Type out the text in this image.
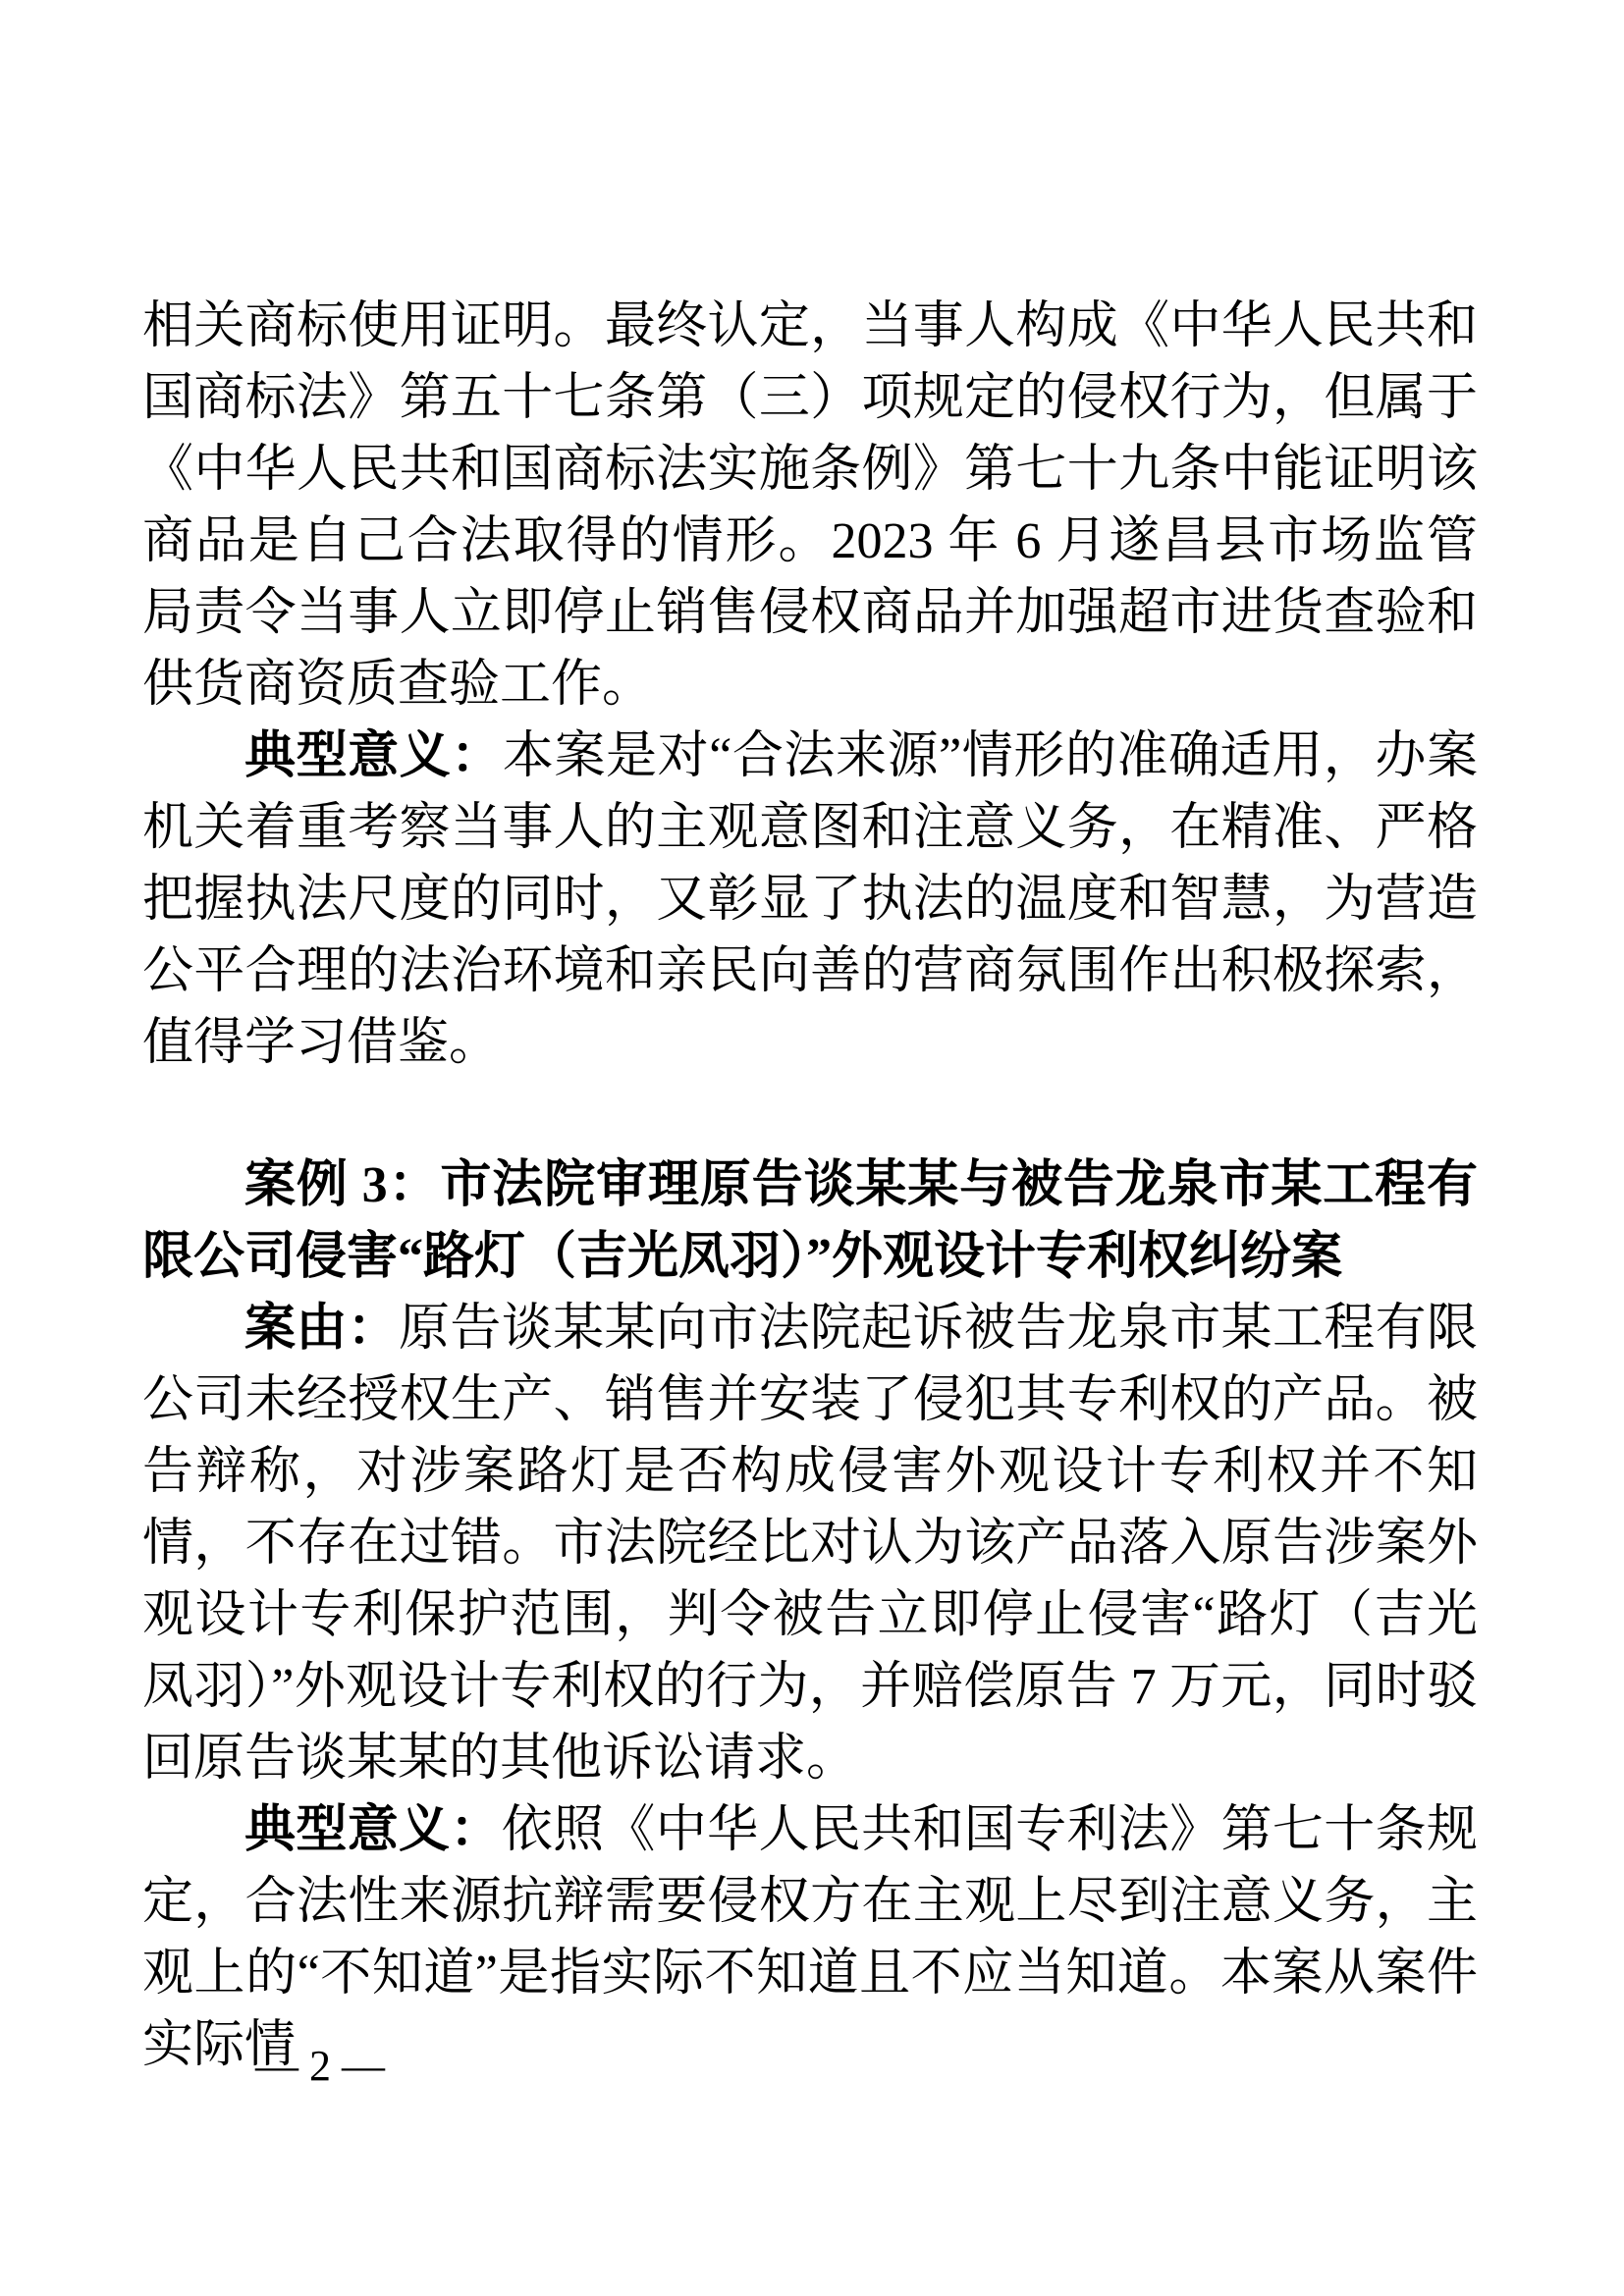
相关商标使用证明。最终认定，当事人构成《中华人民共和国商标法》第五十七条第（三）项规定的侵权行为，但属于《中华人民共和国商标法实施条例》第七十九条中能证明该商品是自己合法取得的情形。2023 年 6 月遂昌县市场监管局责令当事人立即停止销售侵权商品并加强超市进货查验和供货商资质查验工作。

典型意义：本案是对“合法来源”情形的准确适用，办案机关着重考察当事人的主观意图和注意义务，在精准、严格把握执法尺度的同时，又彰显了执法的温度和智慧，为营造公平合理的法治环境和亲民向善的营商氛围作出积极探索，值得学习借鉴。

案例 3：市法院审理原告谈某某与被告龙泉市某工程有限公司侵害“路灯（吉光凤羽）”外观设计专利权纠纷案

案由：原告谈某某向市法院起诉被告龙泉市某工程有限公司未经授权生产、销售并安装了侵犯其专利权的产品。被告辩称，对涉案路灯是否构成侵害外观设计专利权并不知情，不存在过错。市法院经比对认为该产品落入原告涉案外观设计专利保护范围，判令被告立即停止侵害“路灯（吉光凤羽）”外观设计专利权的行为，并赔偿原告 7 万元，同时驳回原告谈某某的其他诉讼请求。

典型意义：依照《中华人民共和国专利法》第七十条规定，合法性来源抗辩需要侵权方在主观上尽到注意义务，主观上的“不知道”是指实际不知道且不应当知道。本案从案件实际情

— 2 —
